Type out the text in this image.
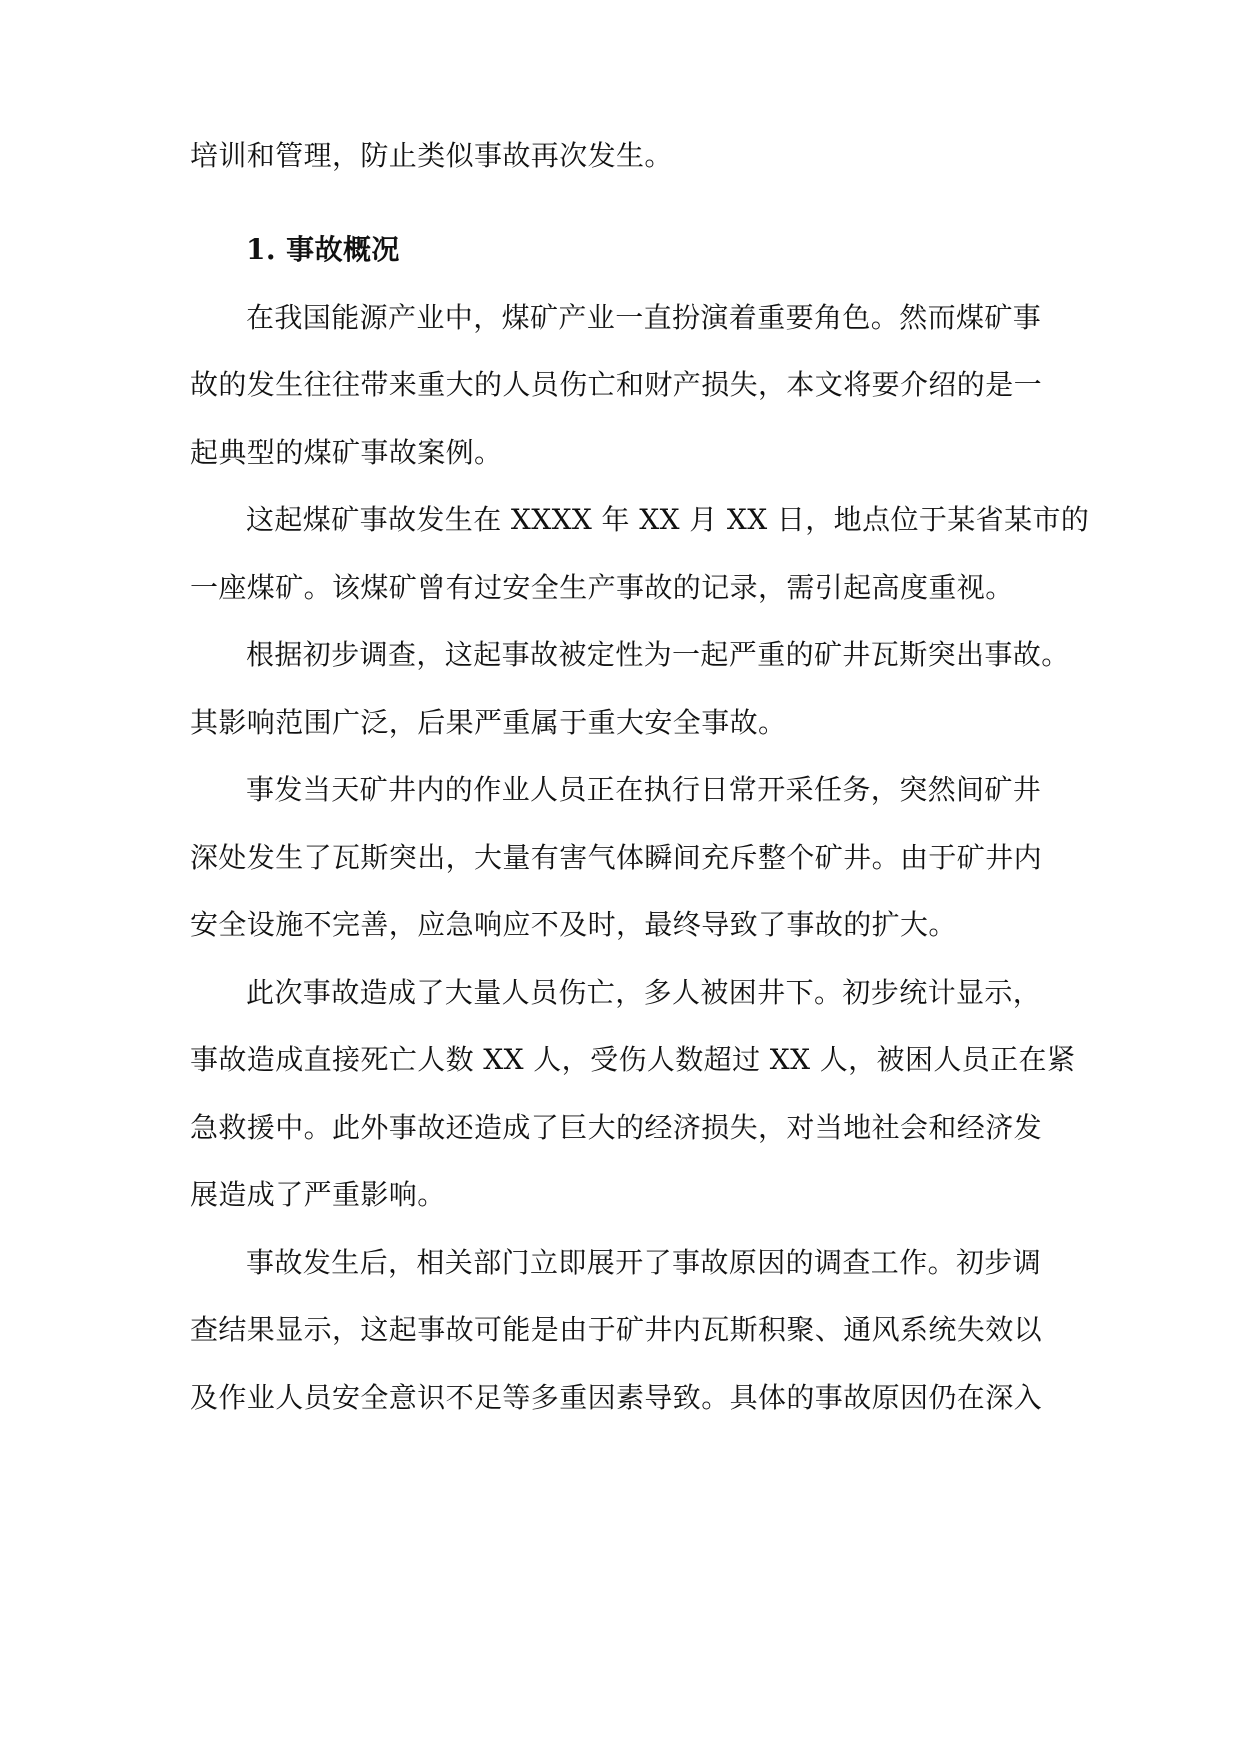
培训和管理，防止类似事故再次发生。
1. 事故概况
在我国能源产业中，煤矿产业一直扮演着重要角色。然而煤矿事
故的发生往往带来重大的人员伤亡和财产损失，本文将要介绍的是一
起典型的煤矿事故案例。
这起煤矿事故发生在 XXXX 年 XX 月 XX 日，地点位于某省某市的
一座煤矿。该煤矿曾有过安全生产事故的记录，需引起高度重视。
根据初步调查，这起事故被定性为一起严重的矿井瓦斯突出事故。
其影响范围广泛，后果严重属于重大安全事故。
事发当天矿井内的作业人员正在执行日常开采任务，突然间矿井
深处发生了瓦斯突出，大量有害气体瞬间充斥整个矿井。由于矿井内
安全设施不完善，应急响应不及时，最终导致了事故的扩大。
此次事故造成了大量人员伤亡，多人被困井下。初步统计显示，
事故造成直接死亡人数 XX 人，受伤人数超过 XX 人，被困人员正在紧
急救援中。此外事故还造成了巨大的经济损失，对当地社会和经济发
展造成了严重影响。
事故发生后，相关部门立即展开了事故原因的调查工作。初步调
查结果显示，这起事故可能是由于矿井内瓦斯积聚、通风系统失效以
及作业人员安全意识不足等多重因素导致。具体的事故原因仍在深入
